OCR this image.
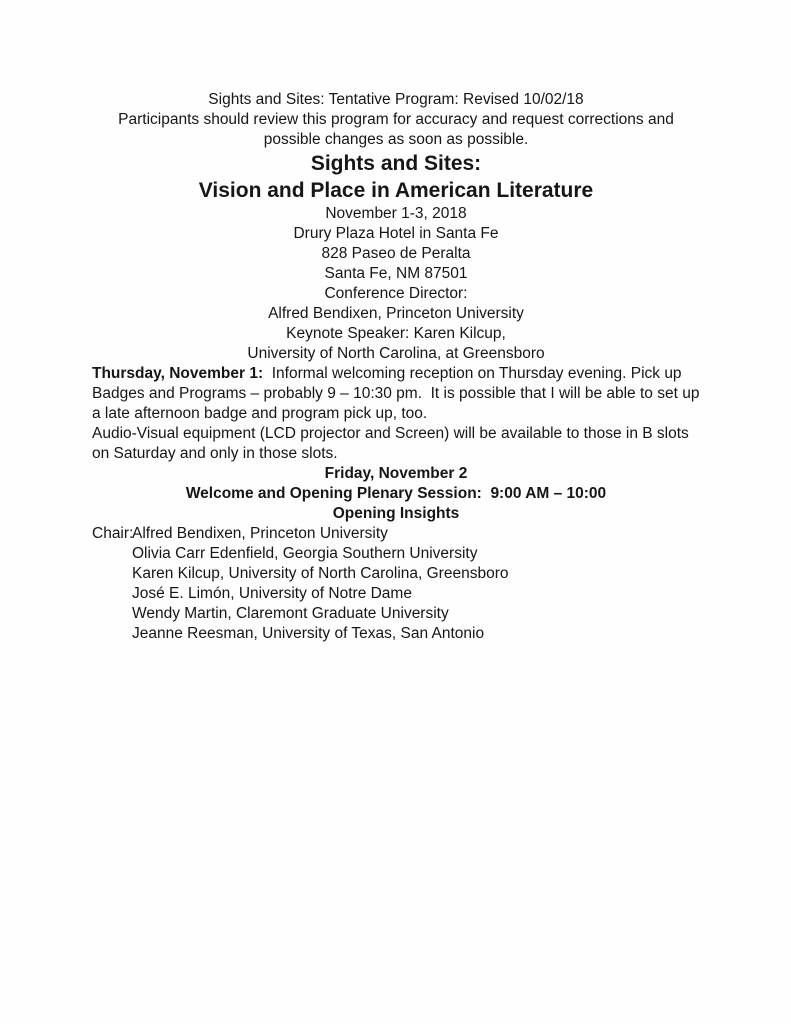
Sights and Sites: Tentative Program: Revised 10/02/18

Participants should review this program for accuracy and request corrections and
possible changes as soon as possible.

Sights and Sites:
Vision and Place in American Literature

November 1-3, 2018

Drury Plaza Hotel in Santa Fe
828 Paseo de Peralta
Santa Fe, NM 87501

Conference Director:
Alfred Bendixen, Princeton University

Keynote Speaker: Karen Kilcup,
University of North Carolina, at Greensboro

Thursday, November 1:  Informal welcoming reception on Thursday evening. Pick up Badges and Programs – probably 9 – 10:30 pm.  It is possible that I will be able to set up a late afternoon badge and program pick up, too.

Audio-Visual equipment (LCD projector and Screen) will be available to those in B slots on Saturday and only in those slots.

Friday, November 2

Welcome and Opening Plenary Session:  9:00 AM – 10:00

Opening Insights

Chair:Alfred Bendixen, Princeton University

Olivia Carr Edenfield, Georgia Southern University

Karen Kilcup, University of North Carolina, Greensboro

José E. Limón, University of Notre Dame

Wendy Martin, Claremont Graduate University

Jeanne Reesman, University of Texas, San Antonio
